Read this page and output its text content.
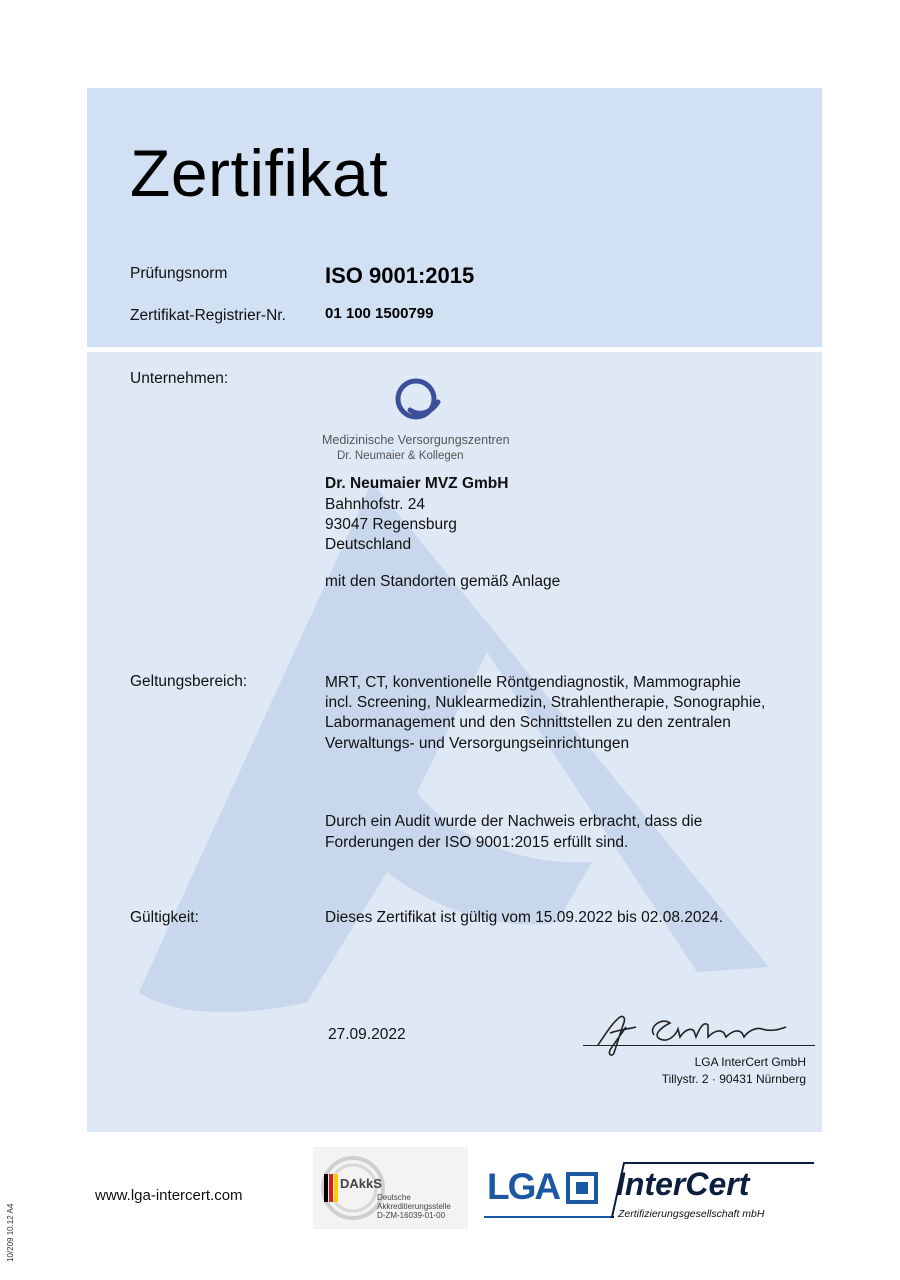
Zertifikat
Prüfungsnorm	ISO 9001:2015
Zertifikat-Registrier-Nr.	01 100 1500799
Unternehmen:
Medizinische Versorgungszentren
Dr. Neumaier & Kollegen
Dr. Neumaier MVZ GmbH
Bahnhofstr. 24
93047 Regensburg
Deutschland
mit den Standorten gemäß Anlage
Geltungsbereich:	MRT, CT, konventionelle Röntgendiagnostik, Mammographie
incl. Screening, Nuklearmedizin, Strahlentherapie, Sonographie,
Labormanagement und den Schnittstellen zu den zentralen
Verwaltungs- und Versorgungseinrichtungen
Durch ein Audit wurde der Nachweis erbracht, dass die
Forderungen der ISO 9001:2015 erfüllt sind.
Gültigkeit:	Dieses Zertifikat ist gültig vom 15.09.2022 bis 02.08.2024.
27.09.2022
LGA InterCert GmbH
Tillystr. 2 · 90431 Nürnberg
www.lga-intercert.com
10/209 10.12 A4
DAkkS
Deutsche
Akkreditierungsstelle
D-ZM-16039-01-00
LGA InterCert
Zertifizierungsgesellschaft mbH
